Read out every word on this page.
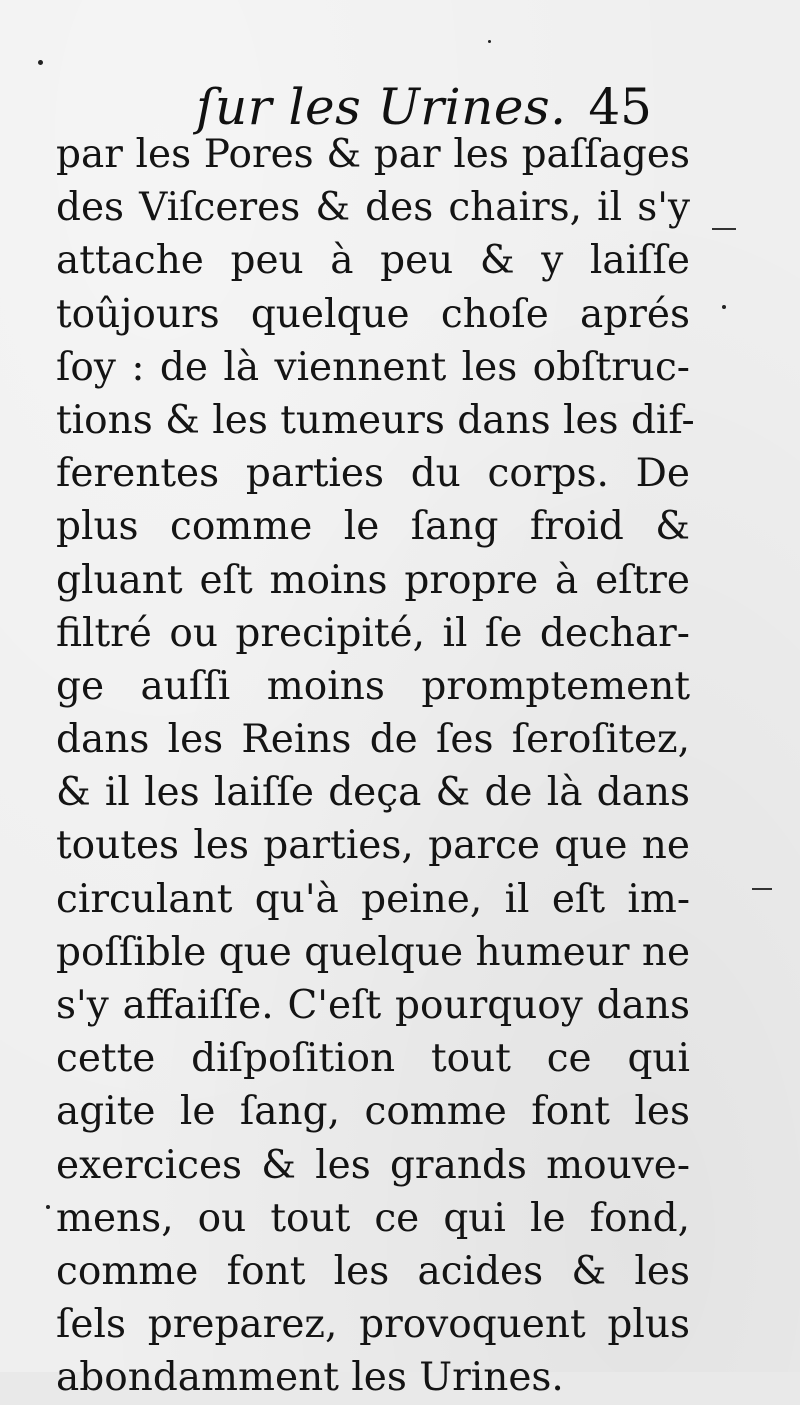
ſur les Urines. 45
par les Pores & par les paſſages
des Viſceres & des chairs, il s'y
attache peu à peu & y laiſſe
toûjours quelque choſe aprés
ſoy : de là viennent les obſtruc-
tions & les tumeurs dans les dif-
ferentes parties du corps. De
plus comme le ſang froid &
gluant eſt moins propre à eſtre
filtré ou precipité, il ſe dechar-
ge auſſi moins promptement
dans les Reins de ſes ſeroſitez,
& il les laiſſe deça & de là dans
toutes les parties, parce que ne
circulant qu'à peine, il eſt im-
poſſible que quelque humeur ne
s'y affaiſſe. C'eſt pourquoy dans
cette diſpoſition tout ce qui
agite le ſang, comme font les
exercices & les grands mouve-
mens, ou tout ce qui le fond,
comme font les acides & les
ſels preparez, provoquent plus
abondamment les Urines.
